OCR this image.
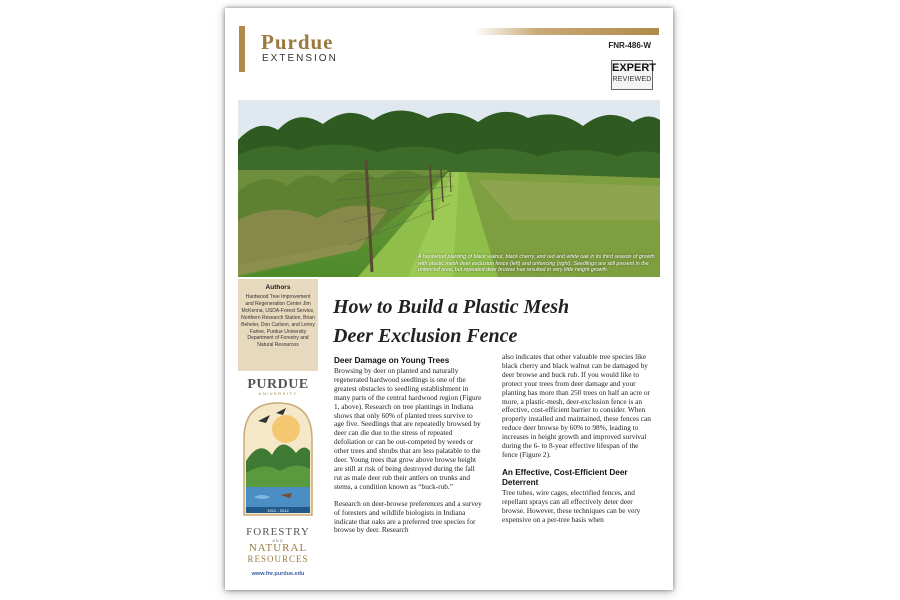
Purdue
EXTENSION
FNR-486-W
EXPERT
REVIEWED
A hardwood planting of black walnut, black cherry, and red and white oak in its third season of growth with plastic mesh deer exclusion fence (left) and unfencing (right). Seedlings are still present in the unfenced area, but repeated deer browse has resulted in very little height growth.
Authors
Hardwood Tree Improvement and Regeneration Center Jim McKenna, USDA-Forest Service, Northern Research Station, Brian Beheler, Don Carlson, and Lenny Farlee, Purdue University Department of Forestry and Natural Resources
PURDUE
UNIVERSITY
1912 - 2012
FORESTRY
AND
NATURAL
RESOURCES
www.fnr.purdue.edu
How to Build a Plastic Mesh
Deer Exclusion Fence
Deer Damage on Young Trees

Browsing by deer on planted and naturally regenerated hardwood seedlings is one of the greatest obstacles to seedling establishment in many parts of the central hardwood region (Figure 1, above). Research on tree plantings in Indiana shows that only 60% of planted trees survive to age five. Seedlings that are repeatedly browsed by deer can die due to the stress of repeated defoliation or can be out-competed by weeds or other trees and shrubs that are less palatable to the deer. Young trees that grow above browse height are still at risk of being destroyed during the fall rut as male deer rub their antlers on trunks and stems, a condition known as “buck-rub.”

Research on deer-browse preferences and a survey of foresters and wildlife biologists in Indiana indicate that oaks are a preferred tree species for browse by deer. Research

also indicates that other valuable tree species like black cherry and black walnut can be damaged by deer browse and buck rub. If you would like to protect your trees from deer damage and your planting has more than 250 trees on half an acre or more, a plastic-mesh, deer-exclusion fence is an effective, cost-efficient barrier to consider. When properly installed and maintained, these fences can reduce deer browse by 60% to 98%, leading to increases in height growth and improved survival during the 6- to 8-year effective lifespan of the fence (Figure 2).

An Effective, Cost-Efficient Deer Deterrent

Tree tubes, wire cages, electrified fences, and repellant sprays can all effectively deter deer browse. However, these techniques can be very expensive on a per-tree basis when
